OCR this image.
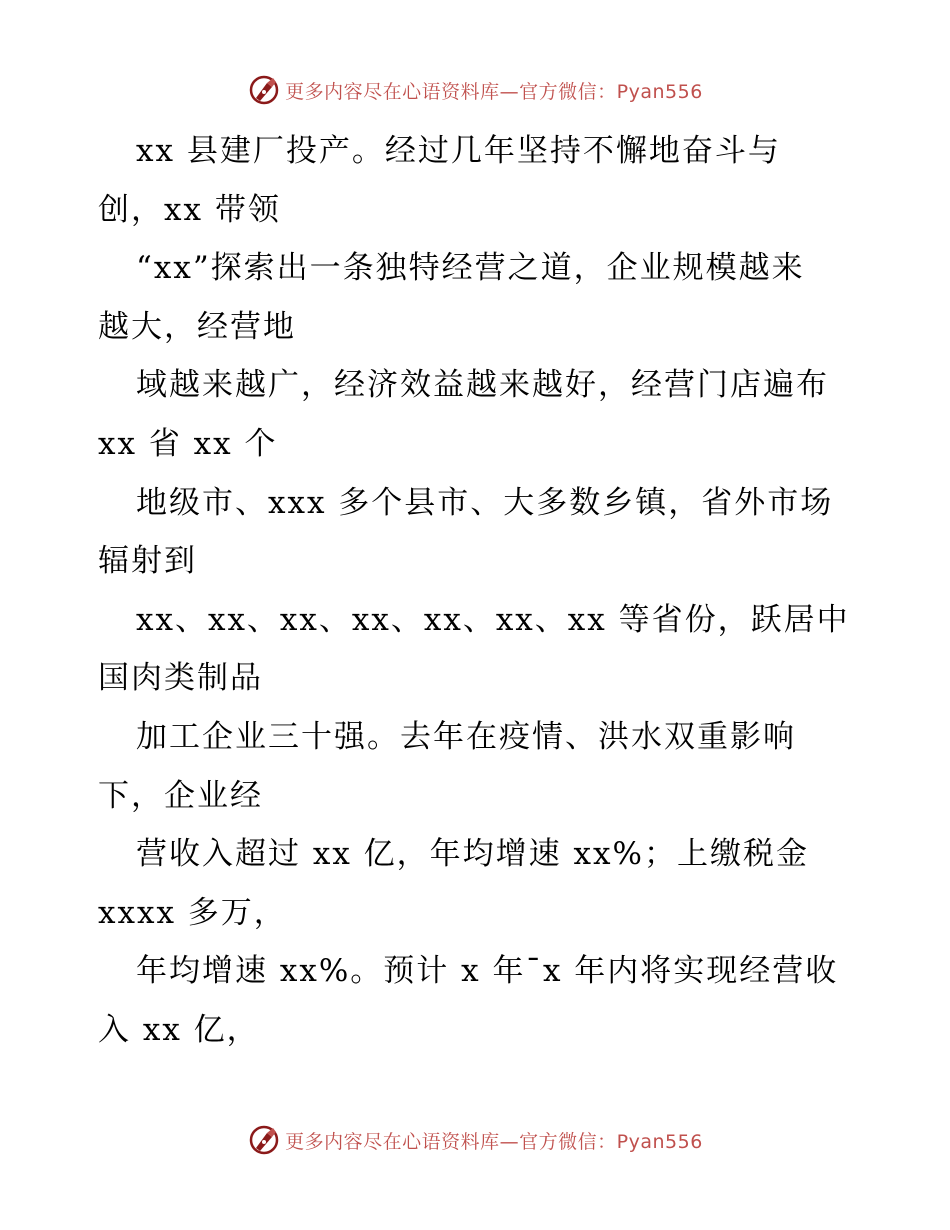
更多内容尽在心语资料库—官方微信：Pyan556
xx 县建厂投产。经过几年坚持不懈地奋斗与
创，xx 带领
“xx”探索出一条独特经营之道，企业规模越来
越大，经营地
域越来越广，经济效益越来越好，经营门店遍布
xx 省 xx 个
地级市、xxx 多个县市、大多数乡镇，省外市场
辐射到
xx、xx、xx、xx、xx、xx、xx 等省份，跃居中
国肉类制品
加工企业三十强。去年在疫情、洪水双重影响
下，企业经
营收入超过 xx 亿，年均增速 xx%；上缴税金
xxxx 多万，
年均增速 xx%。预计 x 年¯x 年内将实现经营收
入 xx 亿，
更多内容尽在心语资料库—官方微信：Pyan556
